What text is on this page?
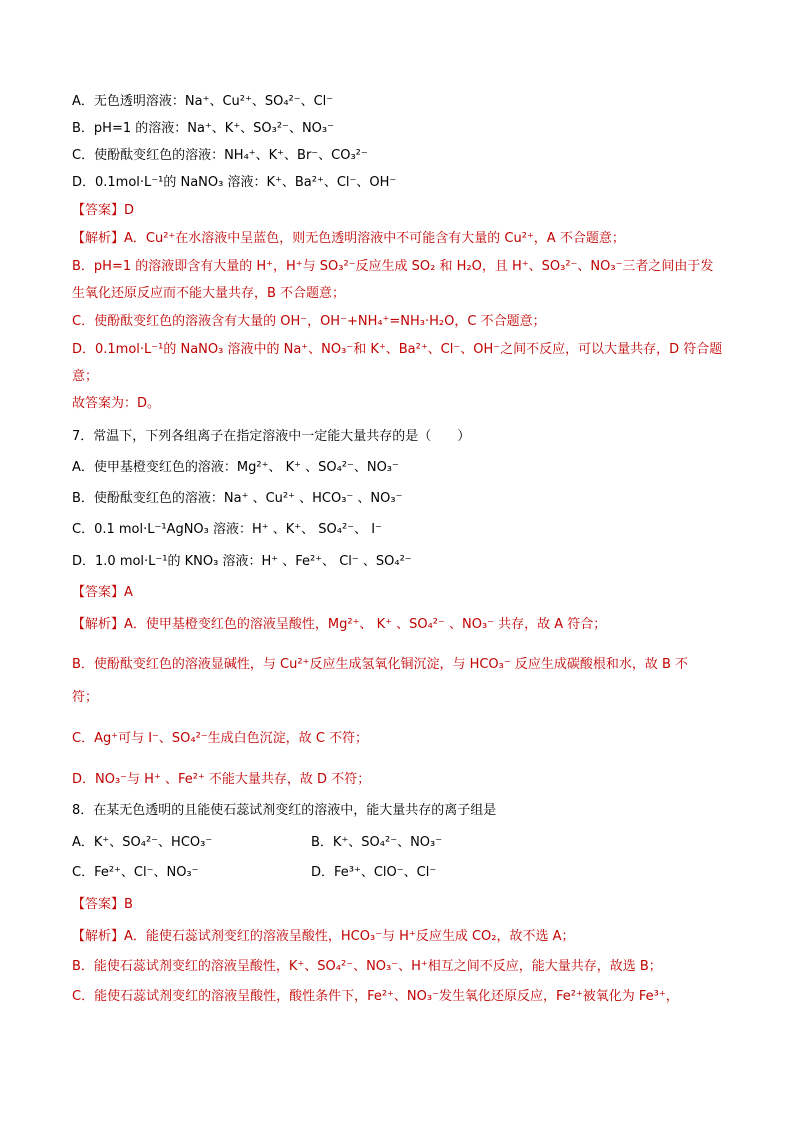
A．无色透明溶液：Na⁺、Cu²⁺、SO₄²⁻、Cl⁻
B．pH=1 的溶液：Na⁺、K⁺、SO₃²⁻、NO₃⁻
C．使酚酞变红色的溶液：NH₄⁺、K⁺、Br⁻、CO₃²⁻
D．0.1mol·L⁻¹的 NaNO₃ 溶液：K⁺、Ba²⁺、Cl⁻、OH⁻
【答案】D
【解析】A．Cu²⁺在水溶液中呈蓝色，则无色透明溶液中不可能含有大量的 Cu²⁺，A 不合题意；
B．pH=1 的溶液即含有大量的 H⁺，H⁺与 SO₃²⁻反应生成 SO₂ 和 H₂O，且 H⁺、SO₃²⁻、NO₃⁻三者之间由于发
生氧化还原反应而不能大量共存，B 不合题意；
C．使酚酞变红色的溶液含有大量的 OH⁻，OH⁻+NH₄⁺=NH₃·H₂O，C 不合题意；
D．0.1mol·L⁻¹的 NaNO₃ 溶液中的 Na⁺、NO₃⁻和 K⁺、Ba²⁺、Cl⁻、OH⁻之间不反应，可以大量共存，D 符合题
意；
故答案为：D。
7．常温下，下列各组离子在指定溶液中一定能大量共存的是（　　）
A．使甲基橙变红色的溶液：Mg²⁺、 K⁺ 、SO₄²⁻、NO₃⁻
B．使酚酞变红色的溶液：Na⁺ 、Cu²⁺ 、HCO₃⁻ 、NO₃⁻
C．0.1 mol·L⁻¹AgNO₃ 溶液：H⁺ 、K⁺、 SO₄²⁻、 I⁻
D．1.0 mol·L⁻¹的 KNO₃ 溶液：H⁺ 、Fe²⁺、 Cl⁻ 、SO₄²⁻
【答案】A
【解析】A．使甲基橙变红色的溶液呈酸性，Mg²⁺、 K⁺ 、SO₄²⁻ 、NO₃⁻ 共存，故 A 符合；
B．使酚酞变红色的溶液显碱性，与 Cu²⁺反应生成氢氧化铜沉淀，与 HCO₃⁻ 反应生成碳酸根和水，故 B 不
符；
C．Ag⁺可与 I⁻、SO₄²⁻生成白色沉淀，故 C 不符；
D．NO₃⁻与 H⁺ 、Fe²⁺ 不能大量共存，故 D 不符；
8．在某无色透明的且能使石蕊试剂变红的溶液中，能大量共存的离子组是
A．K⁺、SO₄²⁻、HCO₃⁻	B．K⁺、SO₄²⁻、NO₃⁻
C．Fe²⁺、Cl⁻、NO₃⁻	D．Fe³⁺、ClO⁻、Cl⁻
【答案】B
【解析】A．能使石蕊试剂变红的溶液呈酸性，HCO₃⁻与 H⁺反应生成 CO₂，故不选 A；
B．能使石蕊试剂变红的溶液呈酸性，K⁺、SO₄²⁻、NO₃⁻、H⁺相互之间不反应，能大量共存，故选 B；
C．能使石蕊试剂变红的溶液呈酸性，酸性条件下，Fe²⁺、NO₃⁻发生氧化还原反应，Fe²⁺被氧化为 Fe³⁺，
